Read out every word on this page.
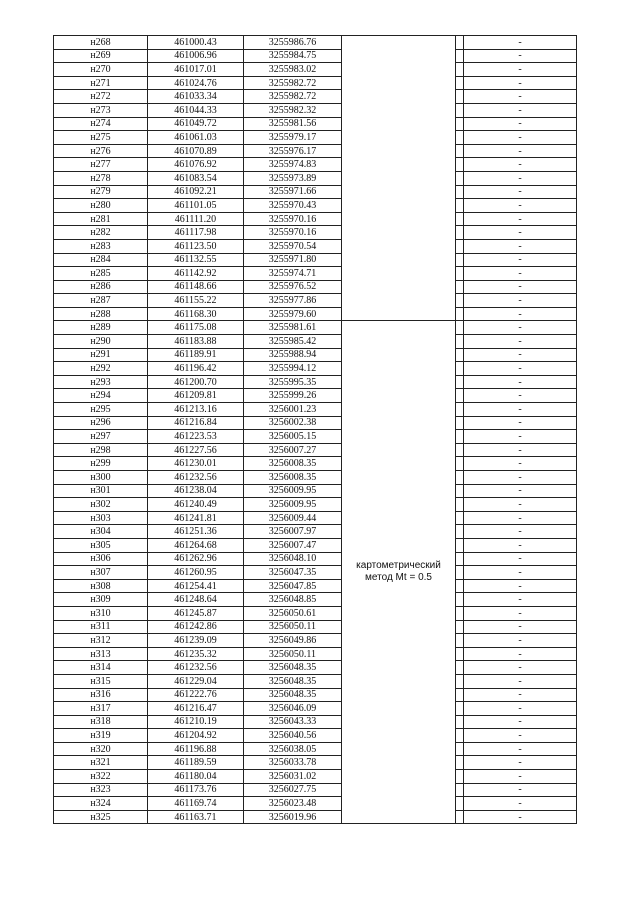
н268	461000.43	3255986.76			-
н269	461006.96	3255984.75			-
н270	461017.01	3255983.02			-
н271	461024.76	3255982.72			-
н272	461033.34	3255982.72			-
н273	461044.33	3255982.32			-
н274	461049.72	3255981.56			-
н275	461061.03	3255979.17			-
н276	461070.89	3255976.17			-
н277	461076.92	3255974.83			-
н278	461083.54	3255973.89			-
н279	461092.21	3255971.66			-
н280	461101.05	3255970.43			-
н281	461111.20	3255970.16			-
н282	461117.98	3255970.16			-
н283	461123.50	3255970.54			-
н284	461132.55	3255971.80			-
н285	461142.92	3255974.71			-
н286	461148.66	3255976.52			-
н287	461155.22	3255977.86			-
н288	461168.30	3255979.60			-
н289	461175.08	3255981.61	картометрический метод Mt = 0.5		-
н290	461183.88	3255985.42			-
н291	461189.91	3255988.94			-
н292	461196.42	3255994.12			-
н293	461200.70	3255995.35			-
н294	461209.81	3255999.26			-
н295	461213.16	3256001.23			-
н296	461216.84	3256002.38			-
н297	461223.53	3256005.15			-
н298	461227.56	3256007.27			-
н299	461230.01	3256008.35			-
н300	461232.56	3256008.35			-
н301	461238.04	3256009.95			-
н302	461240.49	3256009.95			-
н303	461241.81	3256009.44			-
н304	461251.36	3256007.97			-
н305	461264.68	3256007.47			-
н306	461262.96	3256048.10			-
н307	461260.95	3256047.35			-
н308	461254.41	3256047.85			-
н309	461248.64	3256048.85			-
н310	461245.87	3256050.61			-
н311	461242.86	3256050.11			-
н312	461239.09	3256049.86			-
н313	461235.32	3256050.11			-
н314	461232.56	3256048.35			-
н315	461229.04	3256048.35			-
н316	461222.76	3256048.35			-
н317	461216.47	3256046.09			-
н318	461210.19	3256043.33			-
н319	461204.92	3256040.56			-
н320	461196.88	3256038.05			-
н321	461189.59	3256033.78			-
н322	461180.04	3256031.02			-
н323	461173.76	3256027.75			-
н324	461169.74	3256023.48			-
н325	461163.71	3256019.96			-
